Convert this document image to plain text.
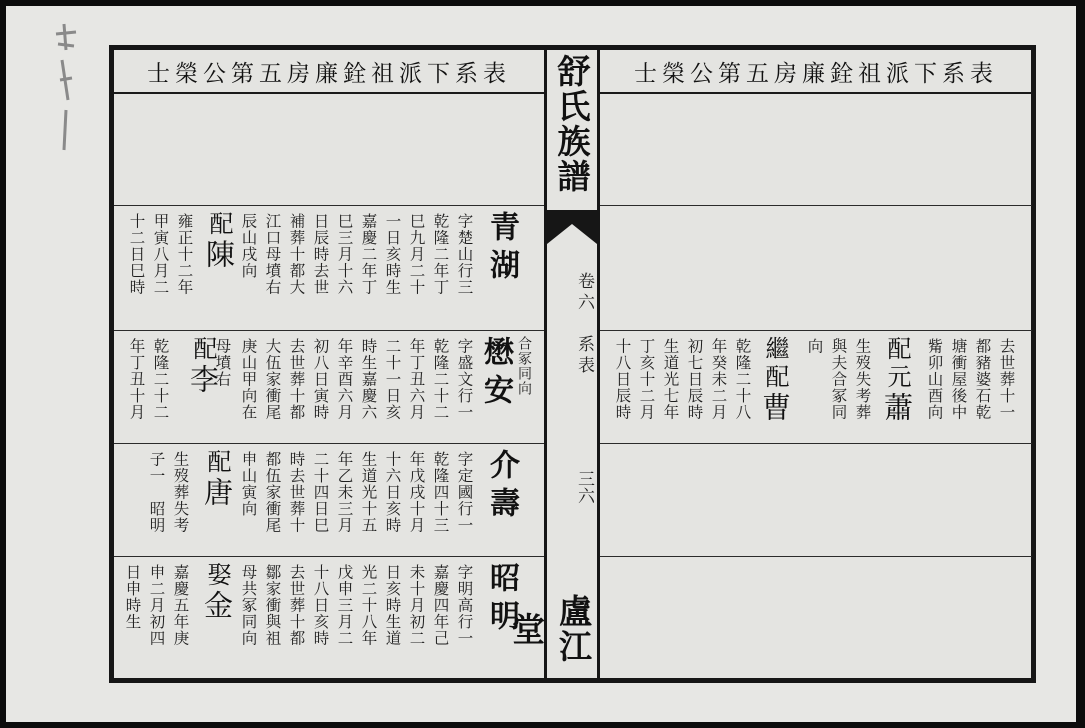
士榮公第五房廉銓祖派下系表
青湖
字楚山行三
乾隆二年丁
巳九月二十
一日亥時生
嘉慶二年丁
巳三月十六
日辰時去世
補葬十都大
江口母墳右
辰山戌向
配陳
雍正十二年
甲寅八月二
十二日巳時
合冢同向
懋安
字盛文行一
乾隆二十二
年丁丑六月
二十一日亥
時生嘉慶六
年辛酉六月
初八日寅時
去世葬十都
大伍家衝尾
庚山甲向在
配李
母墳右
乾隆二十二
年丁丑十月
介壽
字定國行一
乾隆四十三
年戊戌十月
十六日亥時
生道光十五
年乙未三月
二十四日巳
時去世葬十
都伍家衝尾
申山寅向
配唐
生歿葬失考
子一　昭明
昭明
字明高行一
嘉慶四年己
未十月初二
日亥時生道
光二十八年
戊申三月二
十八日亥時
去世葬十都
鄒家衝與祖
母共冢同向
娶金
嘉慶五年庚
申二月初四
日申時生
舒氏族譜
卷六　系表
三六
盧江堂
士榮公第五房廉銓祖派下系表
去世葬十一
都豬婆石乾
塘衝屋後中
觜卯山酉向
配元蕭
生歿失考葬
與夫合冢同
向
繼配曹
乾隆二十八
年癸未二月
初七日辰時
生道光七年
丁亥十二月
十八日辰時
